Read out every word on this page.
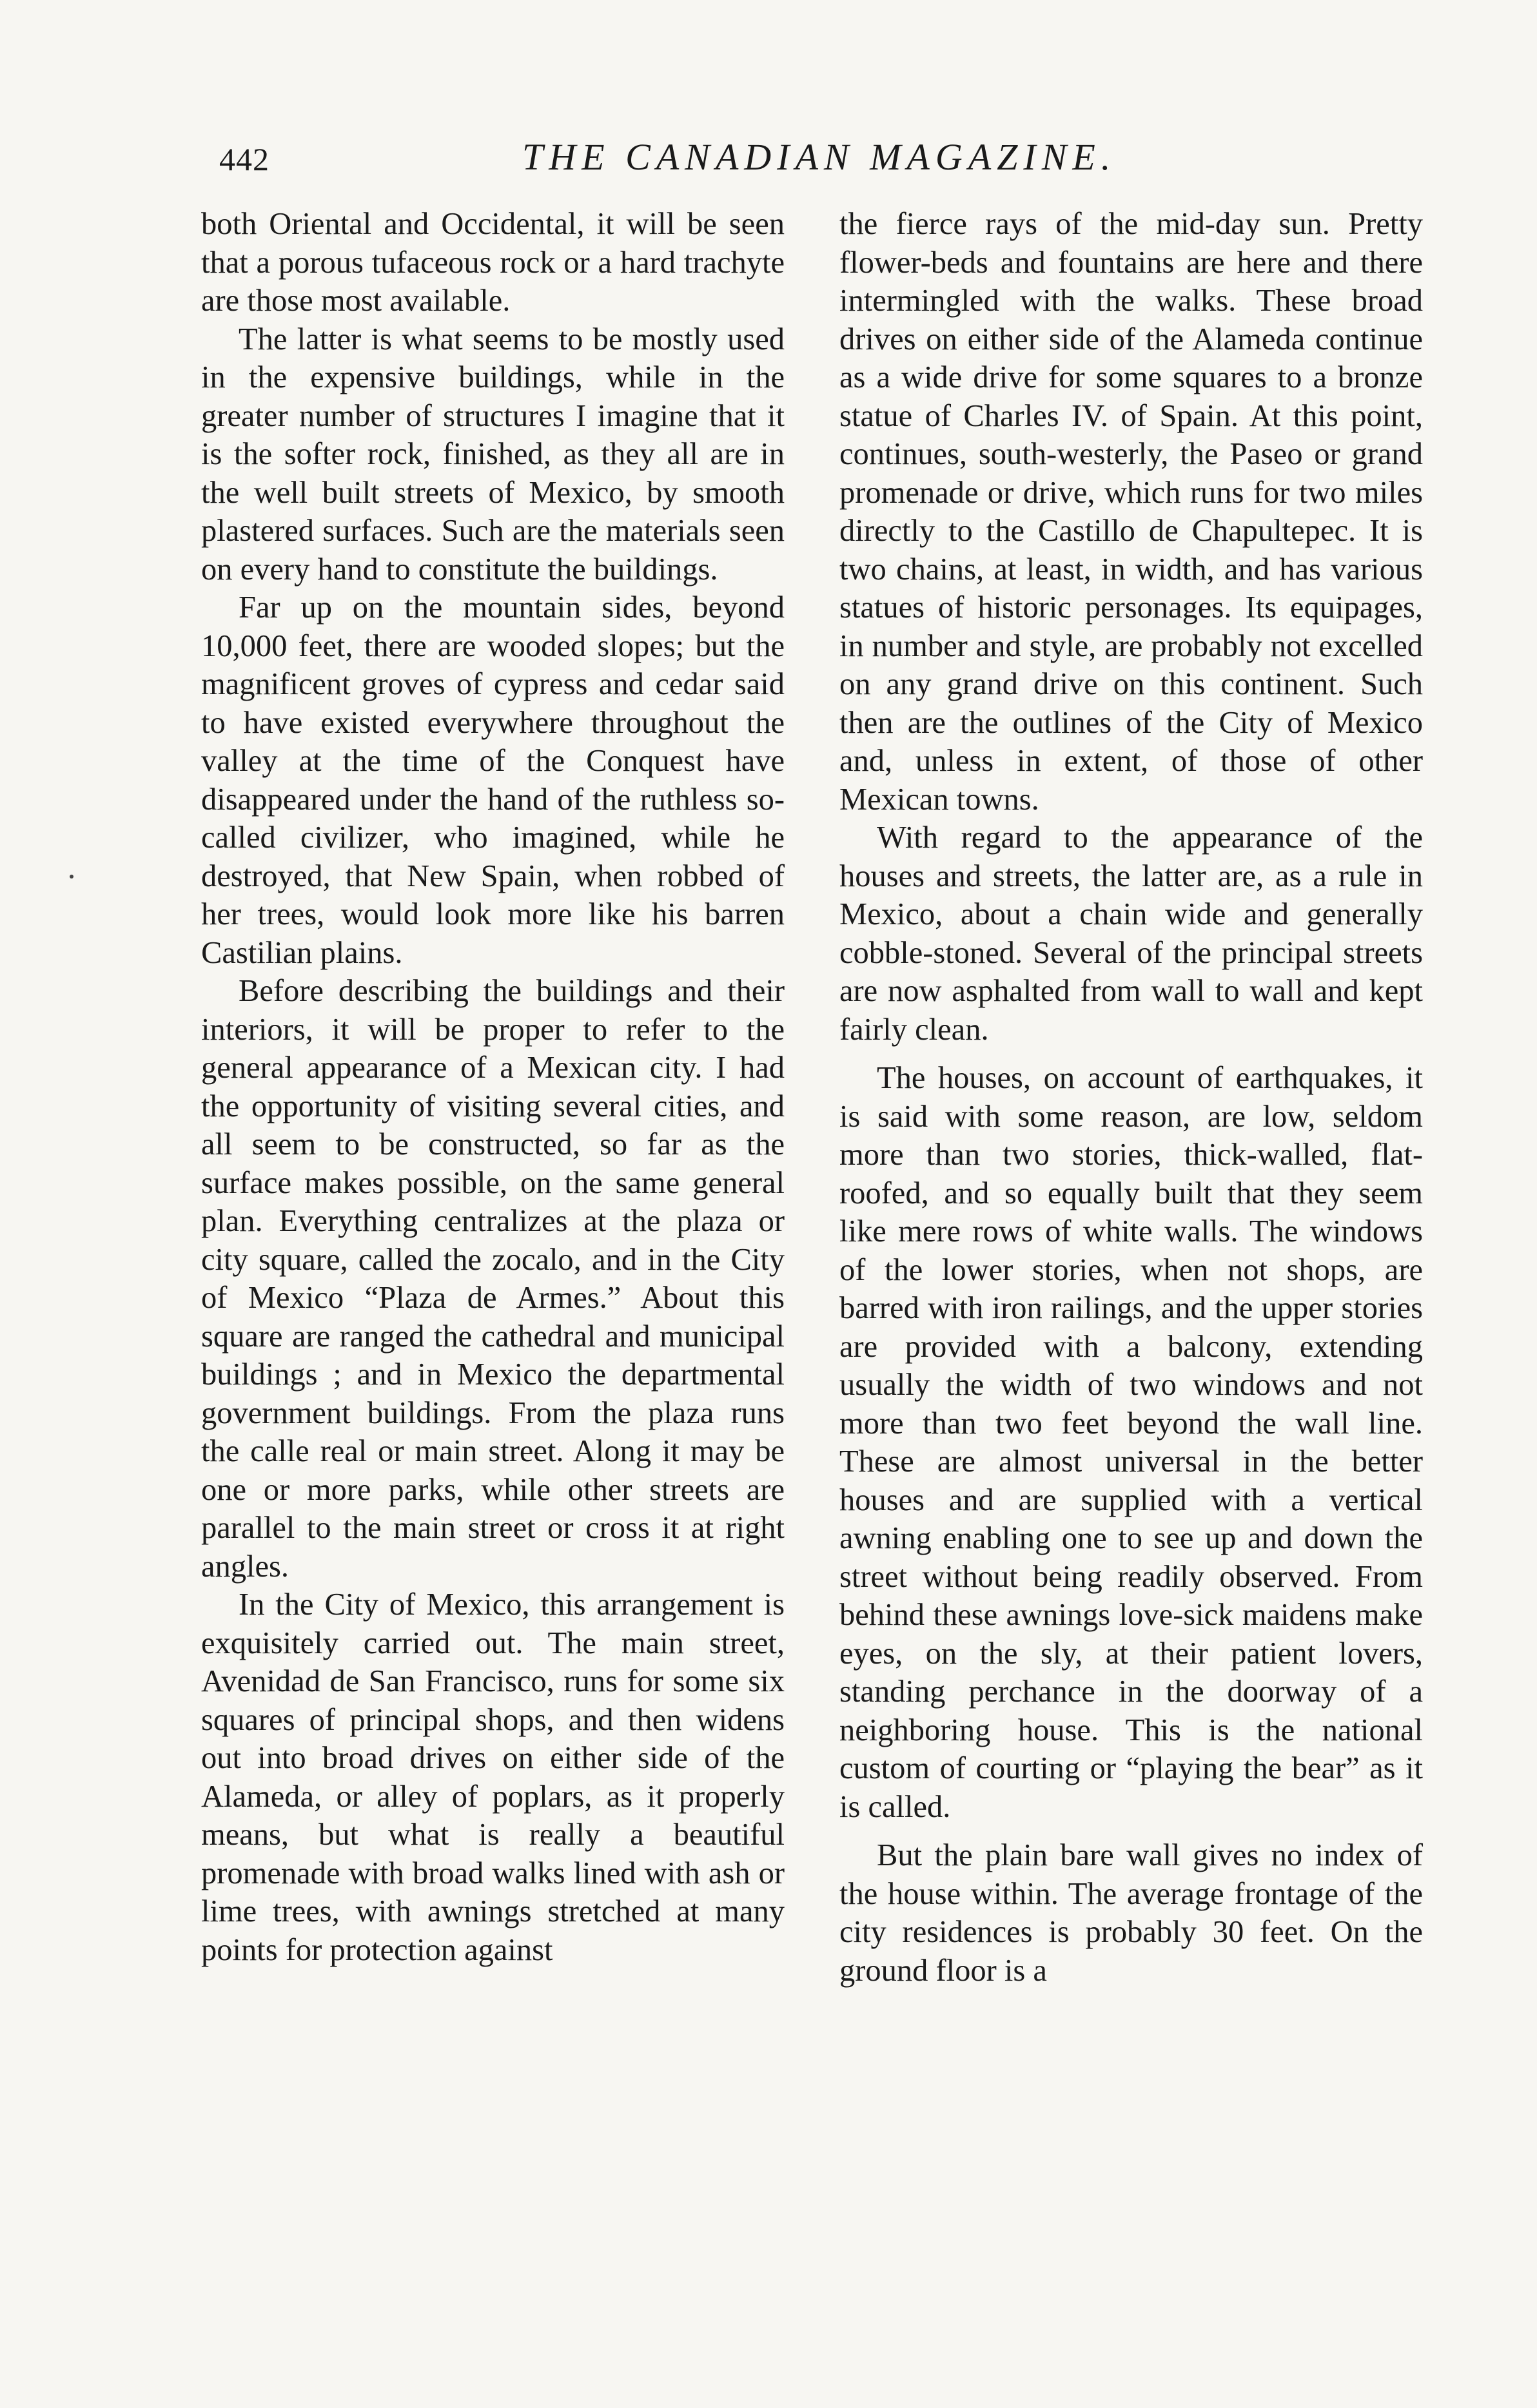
442	THE CANADIAN MAGAZINE.

both Oriental and Occidental, it will be seen that a porous tufaceous rock or a hard trachyte are those most available.

The latter is what seems to be mostly used in the expensive buildings, while in the greater number of structures I imagine that it is the softer rock, finished, as they all are in the well built streets of Mexico, by smooth plastered surfaces. Such are the materials seen on every hand to constitute the buildings.

Far up on the mountain sides, beyond 10,000 feet, there are wooded slopes; but the magnificent groves of cypress and cedar said to have existed everywhere throughout the valley at the time of the Conquest have disappeared under the hand of the ruthless so-called civilizer, who imagined, while he destroyed, that New Spain, when robbed of her trees, would look more like his barren Castilian plains.

Before describing the buildings and their interiors, it will be proper to refer to the general appearance of a Mexican city. I had the opportunity of visiting several cities, and all seem to be constructed, so far as the surface makes possible, on the same general plan. Everything centralizes at the plaza or city square, called the zocalo, and in the City of Mexico “Plaza de Armes.” About this square are ranged the cathedral and municipal buildings ; and in Mexico the departmental government buildings. From the plaza runs the calle real or main street. Along it may be one or more parks, while other streets are parallel to the main street or cross it at right angles.

In the City of Mexico, this arrangement is exquisitely carried out. The main street, Avenidad de San Francisco, runs for some six squares of principal shops, and then widens out into broad drives on either side of the Alameda, or alley of poplars, as it properly means, but what is really a beautiful promenade with broad walks lined with ash or lime trees, with awnings stretched at many points for protection against

the fierce rays of the mid-day sun. Pretty flower-beds and fountains are here and there intermingled with the walks. These broad drives on either side of the Alameda continue as a wide drive for some squares to a bronze statue of Charles IV. of Spain. At this point, continues, south-westerly, the Paseo or grand promenade or drive, which runs for two miles directly to the Castillo de Chapultepec. It is two chains, at least, in width, and has various statues of historic personages. Its equipages, in number and style, are probably not excelled on any grand drive on this continent. Such then are the outlines of the City of Mexico and, unless in extent, of those of other Mexican towns.

With regard to the appearance of the houses and streets, the latter are, as a rule in Mexico, about a chain wide and generally cobble-stoned. Several of the principal streets are now asphalted from wall to wall and kept fairly clean.

The houses, on account of earthquakes, it is said with some reason, are low, seldom more than two stories, thick-walled, flat-roofed, and so equally built that they seem like mere rows of white walls. The windows of the lower stories, when not shops, are barred with iron railings, and the upper stories are provided with a balcony, extending usually the width of two windows and not more than two feet beyond the wall line. These are almost universal in the better houses and are supplied with a vertical awning enabling one to see up and down the street without being readily observed. From behind these awnings love-sick maidens make eyes, on the sly, at their patient lovers, standing perchance in the doorway of a neighboring house. This is the national custom of courting or “playing the bear” as it is called.

But the plain bare wall gives no index of the house within. The average frontage of the city residences is probably 30 feet. On the ground floor is a
